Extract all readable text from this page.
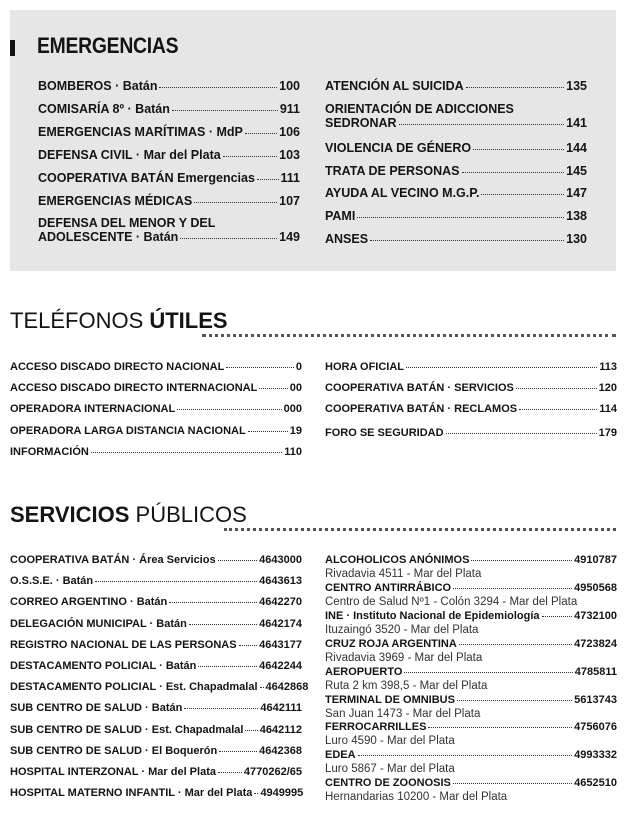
EMERGENCIAS
BOMBEROS · Batán	100
COMISARÍA 8º · Batán	911
EMERGENCIAS MARÍTIMAS · MdP	106
DEFENSA CIVIL · Mar del Plata	103
COOPERATIVA BATÁN Emergencias 111
EMERGENCIAS MÉDICAS	107
DEFENSA DEL MENOR Y DEL
ADOLESCENTE · Batán	149
ATENCIÓN AL SUICIDA	135
ORIENTACIÓN DE ADICCIONES
SEDRONAR	141
VIOLENCIA DE GÉNERO	144
TRATA DE PERSONAS	145
AYUDA AL VECINO M.G.P.	147
PAMI	138
ANSES	130
TELÉFONOS ÚTILES
ACCESO DISCADO DIRECTO NACIONAL	0
ACCESO DISCADO DIRECTO INTERNACIONAL	00
OPERADORA INTERNACIONAL	000
OPERADORA LARGA DISTANCIA NACIONAL	19
INFORMACIÓN	110
HORA OFICIAL	113
COOPERATIVA BATÁN · SERVICIOS	120
COOPERATIVA BATÁN · RECLAMOS	114
FORO SE SEGURIDAD	179
SERVICIOS PÚBLICOS
COOPERATIVA BATÁN · Área Servicios	4643000
O.S.S.E. · Batán	4643613
CORREO ARGENTINO · Batán	4642270
DELEGACIÓN MUNICIPAL · Batán	4642174
REGISTRO NACIONAL DE LAS PERSONAS 4643177
DESTACAMENTO POLICIAL · Batán	4642244
DESTACAMENTO POLICIAL · Est. Chapadmalal 4642868
SUB CENTRO DE SALUD · Batán	4642111
SUB CENTRO DE SALUD · Est. Chapadmalal 4642112
SUB CENTRO DE SALUD · El Boquerón	4642368
HOSPITAL INTERZONAL · Mar del Plata	4770262/65
HOSPITAL MATERNO INFANTIL · Mar del Plata 4949995
ALCOHOLICOS ANÓNIMOS	4910787
Rivadavia 4511 - Mar del Plata
CENTRO ANTIRRÁBICO	4950568
Centro de Salud Nº1 - Colón 3294 - Mar del Plata
INE · Instituto Nacional de Epidemiología	4732100
Ituzaingó 3520 - Mar del Plata
CRUZ ROJA ARGENTINA	4723824
Rivadavia 3969 - Mar del Plata
AEROPUERTO	4785811
Ruta 2 km 398,5 - Mar del Plata
TERMINAL DE OMNIBUS	5613743
San Juan 1473 - Mar del Plata
FERROCARRILLES	4756076
Luro 4590 - Mar del Plata
EDEA	4993332
Luro 5867 - Mar del Plata
CENTRO DE ZOONOSIS	4652510
Hernandarias 10200 - Mar del Plata
